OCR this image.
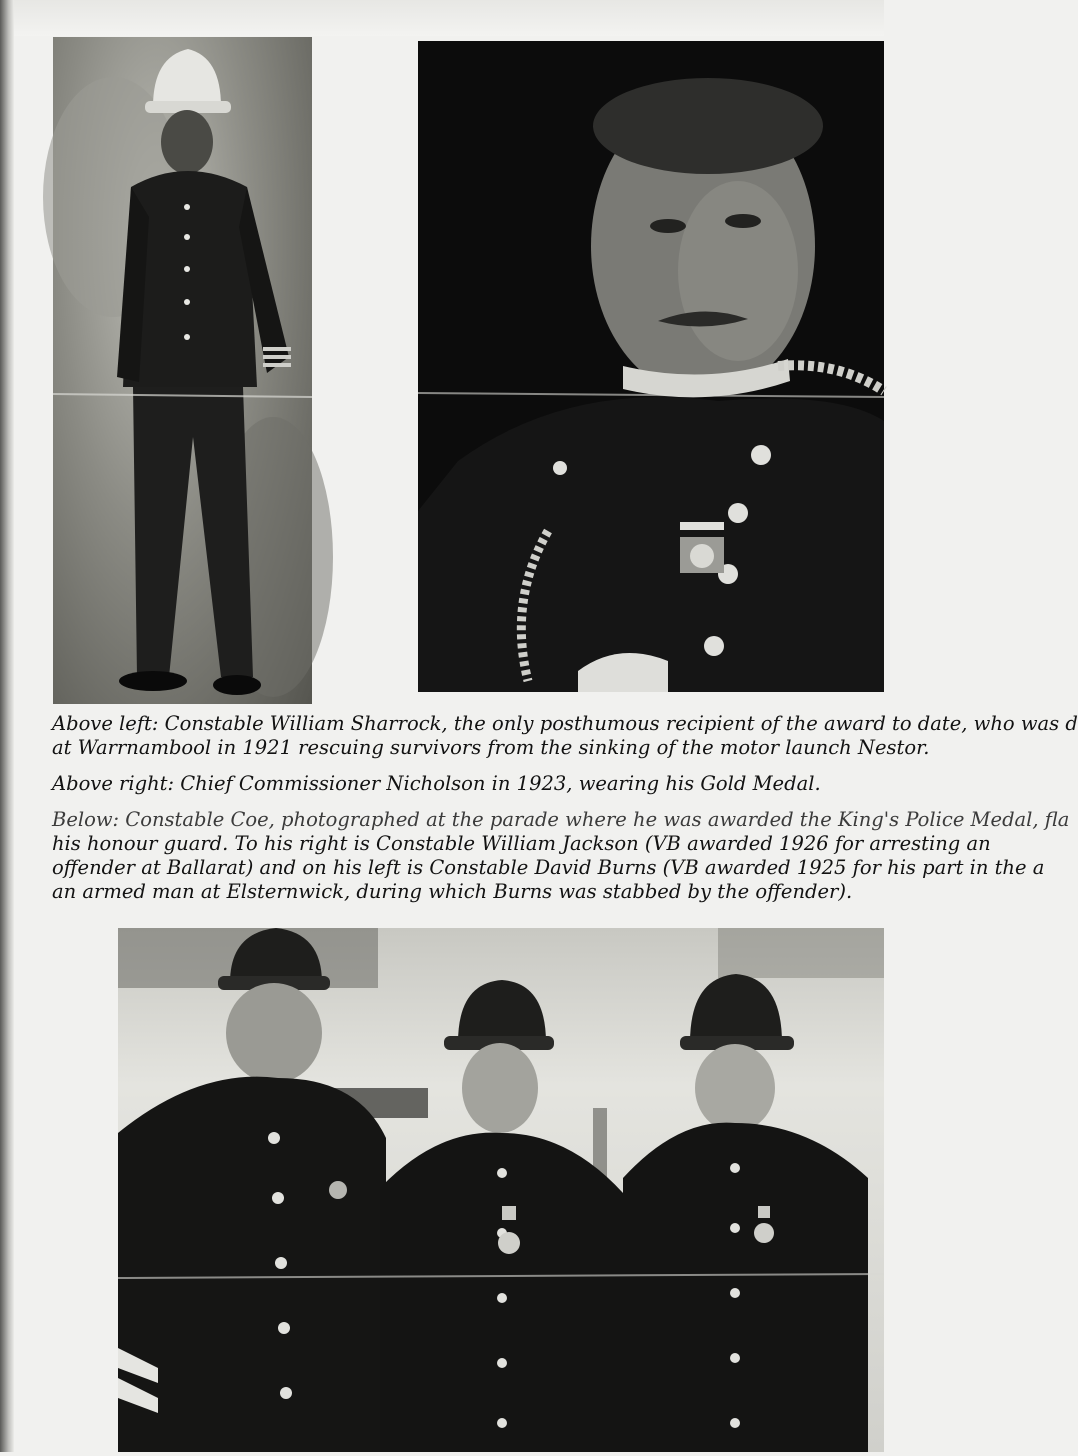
Above left: Constable William Sharrock, the only posthumous recipient of the award to date, who was d
at Warrnambool in 1921 rescuing survivors from the sinking of the motor launch Nestor.

Above right: Chief Commissioner Nicholson in 1923, wearing his Gold Medal.

Below: Constable Coe, photographed at the parade where he was awarded the King's Police Medal, fla
his honour guard. To his right is Constable William Jackson (VB awarded 1926 for arresting an
offender at Ballarat) and on his left is Constable David Burns (VB awarded 1925 for his part in the a
an armed man at Elsternwick, during which Burns was stabbed by the offender).
